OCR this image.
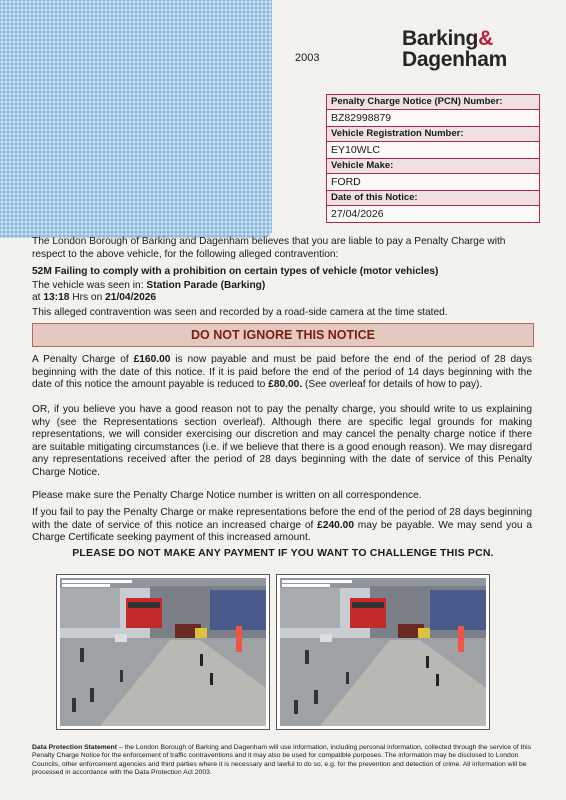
2003
Barking&
Dagenham
Penalty Charge Notice (PCN) Number:
BZ82998879
Vehicle Registration Number:
EY10WLC
Vehicle Make:
FORD
Date of this Notice:
27/04/2026
The London Borough of Barking and Dagenham believes that you are liable to pay a Penalty Charge with respect to the above vehicle, for the following alleged contravention:
52M Failing to comply with a prohibition on certain types of vehicle (motor vehicles)
The vehicle was seen in: Station Parade (Barking)
at 13:18 Hrs on 21/04/2026
This alleged contravention was seen and recorded by a road-side camera at the time stated.
DO NOT IGNORE THIS NOTICE
A Penalty Charge of £160.00 is now payable and must be paid before the end of the period of 28 days beginning with the date of this notice. If it is paid before the end of the period of 14 days beginning with the date of this notice the amount payable is reduced to £80.00. (See overleaf for details of how to pay).
OR, if you believe you have a good reason not to pay the penalty charge, you should write to us explaining why (see the Representations section overleaf). Although there are specific legal grounds for making representations, we will consider exercising our discretion and may cancel the penalty charge notice if there are suitable mitigating circumstances (i.e. if we believe that there is a good enough reason). We may disregard any representations received after the period of 28 days beginning with the date of service of this Penalty Charge Notice.
Please make sure the Penalty Charge Notice number is written on all correspondence.
If you fail to pay the Penalty Charge or make representations before the end of the period of 28 days beginning with the date of service of this notice an increased charge of £240.00 may be payable. We may send you a Charge Certificate seeking payment of this increased amount.
PLEASE DO NOT MAKE ANY PAYMENT IF YOU WANT TO CHALLENGE THIS PCN.
Data Protection Statement – the London Borough of Barking and Dagenham will use information, including personal information, collected through the service of this Penalty Charge Notice for the enforcement of traffic contraventions and it may also be used for compatible purposes. The information may be disclosed to London Councils, other enforcement agencies and third parties where it is necessary and lawful to do so, e.g. for the prevention and detection of crime. All information will be processed in accordance with the Data Protection Act 2003.
